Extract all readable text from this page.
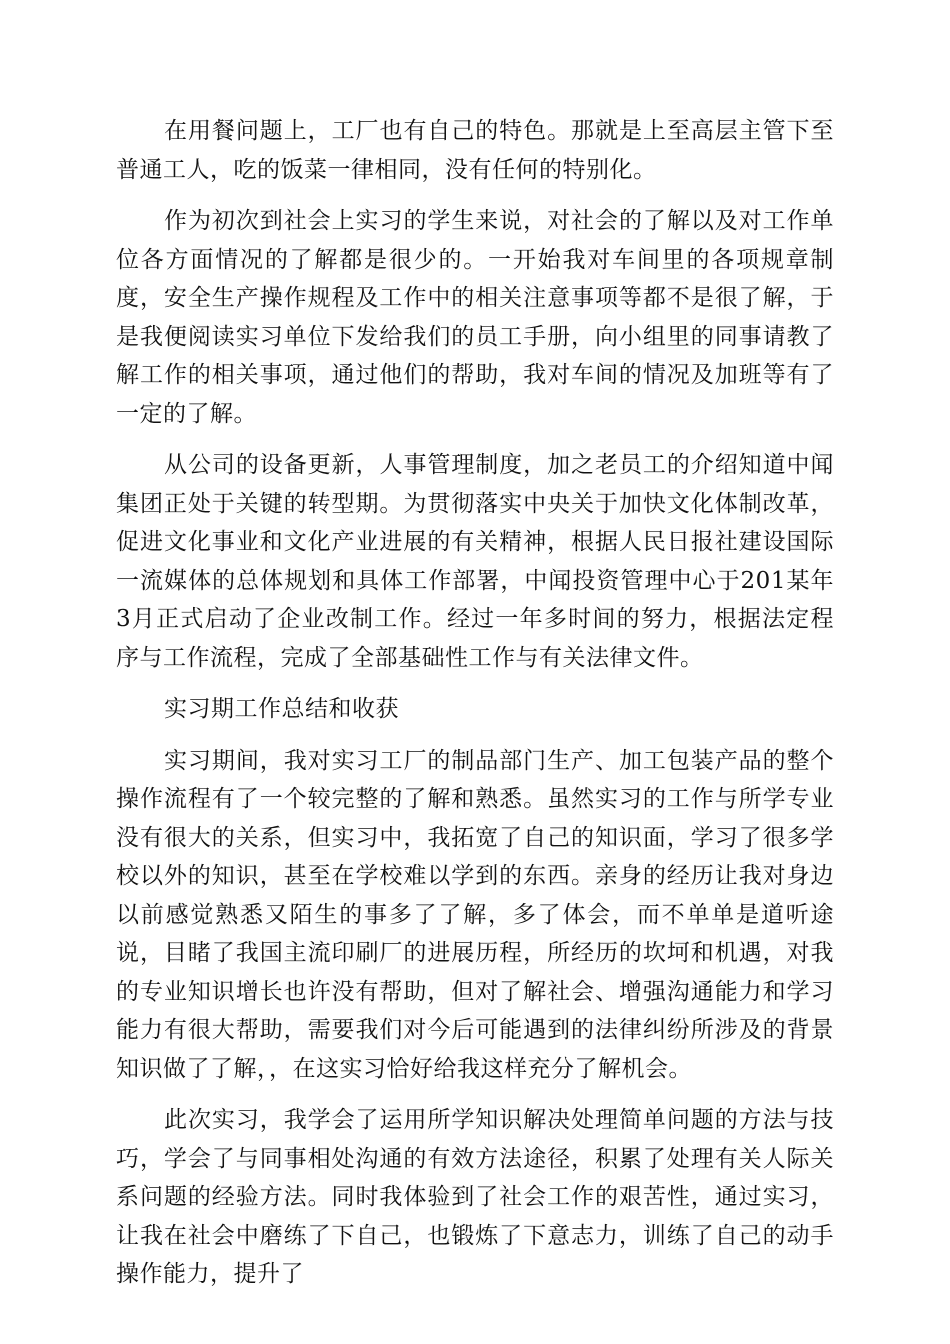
在用餐问题上，工厂也有自己的特色。那就是上至高层主管下至普通工人，吃的饭菜一律相同，没有任何的特别化。

作为初次到社会上实习的学生来说，对社会的了解以及对工作单位各方面情况的了解都是很少的。一开始我对车间里的各项规章制度，安全生产操作规程及工作中的相关注意事项等都不是很了解，于是我便阅读实习单位下发给我们的员工手册，向小组里的同事请教了解工作的相关事项，通过他们的帮助，我对车间的情况及加班等有了一定的了解。

从公司的设备更新，人事管理制度，加之老员工的介绍知道中闻集团正处于关键的转型期。为贯彻落实中央关于加快文化体制改革，促进文化事业和文化产业进展的有关精神，根据人民日报社建设国际一流媒体的总体规划和具体工作部署，中闻投资管理中心于201某年3月正式启动了企业改制工作。经过一年多时间的努力，根据法定程序与工作流程，完成了全部基础性工作与有关法律文件。

实习期工作总结和收获

实习期间，我对实习工厂的制品部门生产、加工包装产品的整个操作流程有了一个较完整的了解和熟悉。虽然实习的工作与所学专业没有很大的关系，但实习中，我拓宽了自己的知识面，学习了很多学校以外的知识，甚至在学校难以学到的东西。亲身的经历让我对身边以前感觉熟悉又陌生的事多了了解，多了体会，而不单单是道听途说，目睹了我国主流印刷厂的进展历程，所经历的坎坷和机遇，对我的专业知识增长也许没有帮助，但对了解社会、增强沟通能力和学习能力有很大帮助，需要我们对今后可能遇到的法律纠纷所涉及的背景知识做了了解，，在这实习恰好给我这样充分了解机会。

此次实习，我学会了运用所学知识解决处理简单问题的方法与技巧，学会了与同事相处沟通的有效方法途径，积累了处理有关人际关系问题的经验方法。同时我体验到了社会工作的艰苦性，通过实习，让我在社会中磨练了下自己，也锻炼了下意志力，训练了自己的动手操作能力，提升了
